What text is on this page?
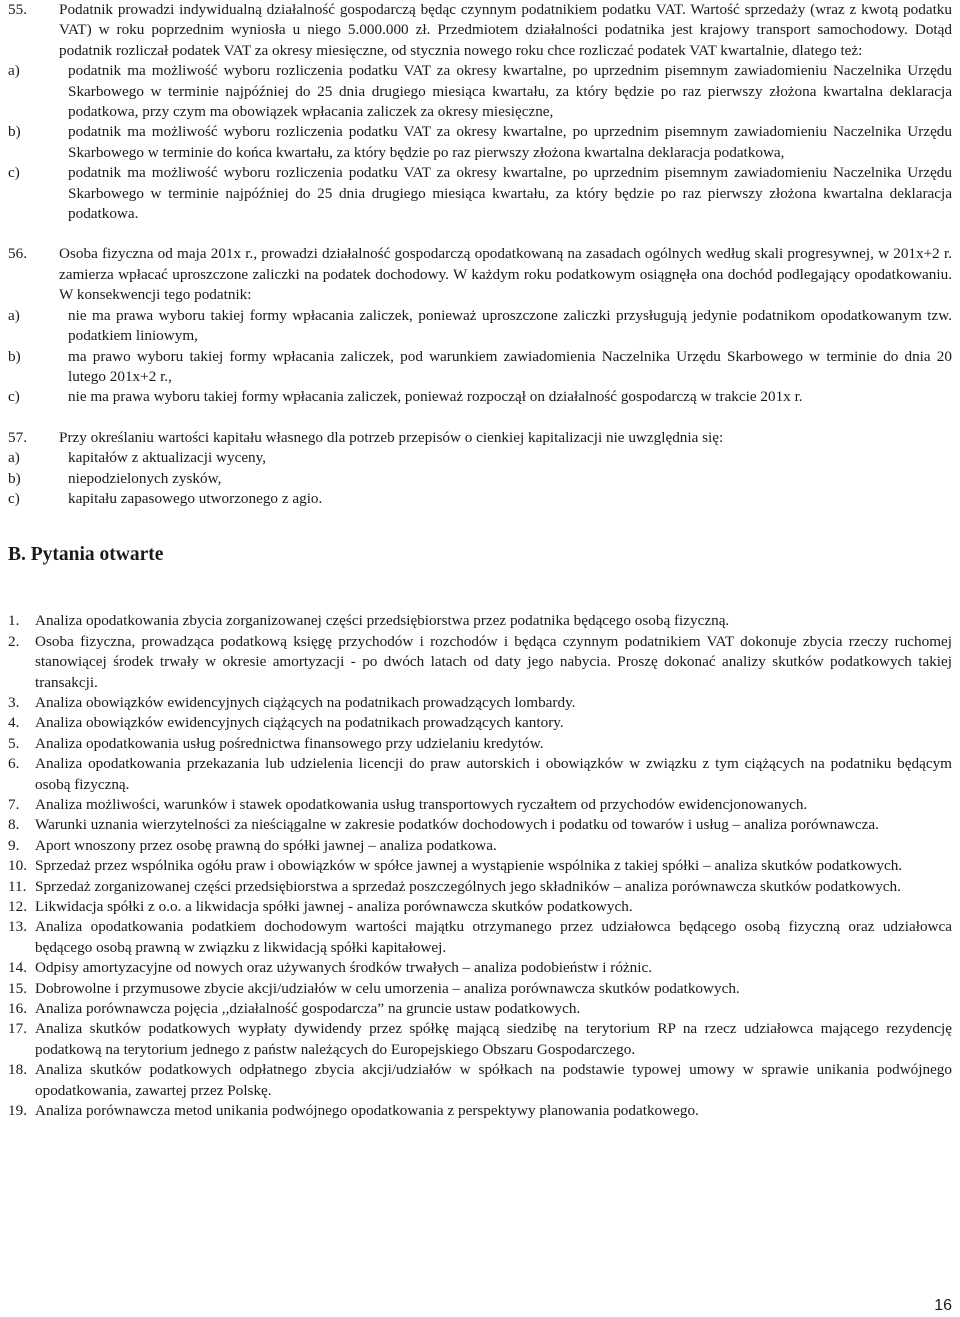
55.	Podatnik prowadzi indywidualną działalność gospodarczą będąc czynnym podatnikiem podatku VAT. Wartość sprzedaży (wraz z kwotą podatku VAT) w roku poprzednim wyniosła u niego 5.000.000 zł. Przedmiotem działalności podatnika jest krajowy transport samochodowy. Dotąd podatnik rozliczał podatek VAT za okresy miesięczne, od stycznia nowego roku chce rozliczać podatek VAT kwartalnie, dlatego też:
a)	podatnik ma możliwość wyboru rozliczenia podatku VAT za okresy kwartalne, po uprzednim pisemnym zawiadomieniu Naczelnika Urzędu Skarbowego w terminie najpóźniej do 25 dnia drugiego miesiąca kwartału, za który będzie po raz pierwszy złożona kwartalna deklaracja podatkowa, przy czym ma obowiązek wpłacania zaliczek za okresy miesięczne,
b)	podatnik ma możliwość wyboru rozliczenia podatku VAT za okresy kwartalne, po uprzednim pisemnym zawiadomieniu Naczelnika Urzędu Skarbowego w terminie do końca kwartału, za który będzie po raz pierwszy złożona kwartalna deklaracja podatkowa,
c)	podatnik ma możliwość wyboru rozliczenia podatku VAT za okresy kwartalne, po uprzednim pisemnym zawiadomieniu Naczelnika Urzędu Skarbowego w terminie najpóźniej do 25 dnia drugiego miesiąca kwartału, za który będzie po raz pierwszy złożona kwartalna deklaracja podatkowa.
56.	Osoba fizyczna od maja 201x r., prowadzi działalność gospodarczą opodatkowaną na zasadach ogólnych według skali progresywnej, w 201x+2 r. zamierza wpłacać uproszczone zaliczki na podatek dochodowy. W każdym roku podatkowym osiągnęła ona dochód podlegający opodatkowaniu. W konsekwencji tego podatnik:
a)	nie ma prawa wyboru takiej formy wpłacania zaliczek, ponieważ uproszczone zaliczki przysługują jedynie podatnikom opodatkowanym tzw. podatkiem liniowym,
b)	ma prawo wyboru takiej formy wpłacania zaliczek, pod warunkiem zawiadomienia Naczelnika Urzędu Skarbowego w terminie do dnia 20 lutego 201x+2 r.,
c)	nie ma prawa wyboru takiej formy wpłacania zaliczek, ponieważ rozpoczął on działalność gospodarczą w trakcie 201x r.
57.	Przy określaniu wartości kapitału własnego dla potrzeb przepisów o cienkiej kapitalizacji nie uwzględnia się:
a)	kapitałów z aktualizacji wyceny,
b)	niepodzielonych zysków,
c)	kapitału zapasowego utworzonego z agio.
B. Pytania otwarte
1.	Analiza opodatkowania zbycia zorganizowanej części przedsiębiorstwa przez podatnika będącego osobą fizyczną.
2.	Osoba fizyczna, prowadząca podatkową księgę przychodów i rozchodów i będąca czynnym podatnikiem VAT dokonuje zbycia rzeczy ruchomej stanowiącej środek trwały w okresie amortyzacji - po dwóch latach od daty jego nabycia. Proszę dokonać analizy skutków podatkowych takiej transakcji.
3.	Analiza obowiązków ewidencyjnych ciążących na podatnikach prowadzących lombardy.
4.	Analiza obowiązków ewidencyjnych ciążących na podatnikach prowadzących kantory.
5.	Analiza opodatkowania usług pośrednictwa finansowego przy udzielaniu kredytów.
6.	Analiza opodatkowania przekazania lub udzielenia licencji do praw autorskich i obowiązków w związku z tym ciążących na podatniku będącym osobą fizyczną.
7.	Analiza możliwości, warunków i stawek opodatkowania usług transportowych ryczałtem od przychodów ewidencjonowanych.
8.	Warunki uznania wierzytelności za nieściągalne w zakresie podatków dochodowych i podatku od towarów i usług – analiza porównawcza.
9.	Aport wnoszony przez osobę prawną do spółki jawnej – analiza podatkowa.
10. Sprzedaż przez wspólnika ogółu praw i obowiązków w spółce jawnej a wystąpienie wspólnika z takiej spółki – analiza skutków podatkowych.
11. Sprzedaż zorganizowanej części przedsiębiorstwa a sprzedaż poszczególnych jego składników – analiza porównawcza skutków podatkowych.
12. Likwidacja spółki z o.o. a likwidacja spółki jawnej - analiza porównawcza skutków podatkowych.
13. Analiza opodatkowania podatkiem dochodowym wartości majątku otrzymanego przez udziałowca będącego osobą fizyczną oraz udziałowca będącego osobą prawną w związku z likwidacją spółki kapitałowej.
14. Odpisy amortyzacyjne od nowych oraz używanych środków trwałych – analiza podobieństw i różnic.
15. Dobrowolne i przymusowe zbycie akcji/udziałów w celu umorzenia – analiza porównawcza skutków podatkowych.
16. Analiza porównawcza pojęcia ,,działalność gospodarcza” na gruncie ustaw podatkowych.
17. Analiza skutków podatkowych wypłaty dywidendy przez spółkę mającą siedzibę na terytorium RP na rzecz udziałowca mającego rezydencję podatkową na terytorium jednego z państw należących do Europejskiego Obszaru Gospodarczego.
18. Analiza skutków podatkowych odpłatnego zbycia akcji/udziałów w spółkach na podstawie typowej umowy w sprawie unikania podwójnego opodatkowania, zawartej przez Polskę.
19. Analiza porównawcza metod unikania podwójnego opodatkowania z perspektywy planowania podatkowego.
16
